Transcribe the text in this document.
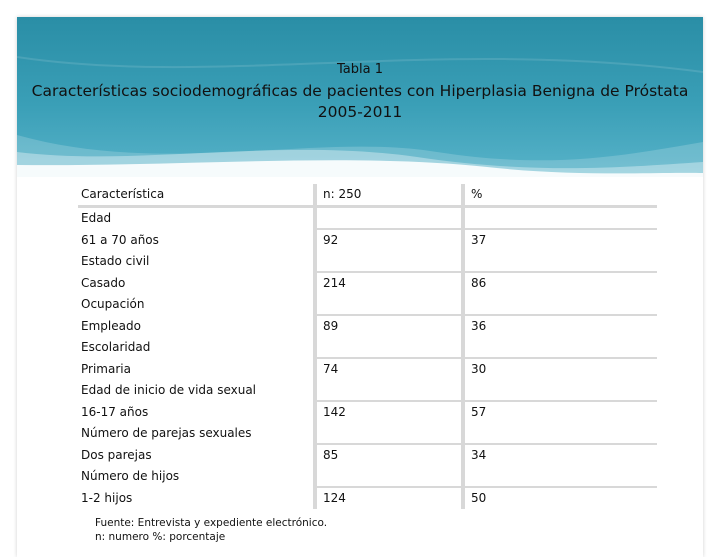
Tabla 1
Características sociodemográficas de pacientes con Hiperplasia Benigna de Próstata
2005-2011
Característica	n: 250	%
Edad		
61 a 70 años	92	37
Estado civil		
Casado	214	86
Ocupación		
Empleado	89	36
Escolaridad		
Primaria	74	30
Edad de inicio de vida sexual		
16-17 años	142	57
Número de parejas sexuales		
Dos parejas	85	34
Número de hijos		
1-2 hijos	124	50
Fuente: Entrevista y expediente electrónico.
n: numero %: porcentaje
